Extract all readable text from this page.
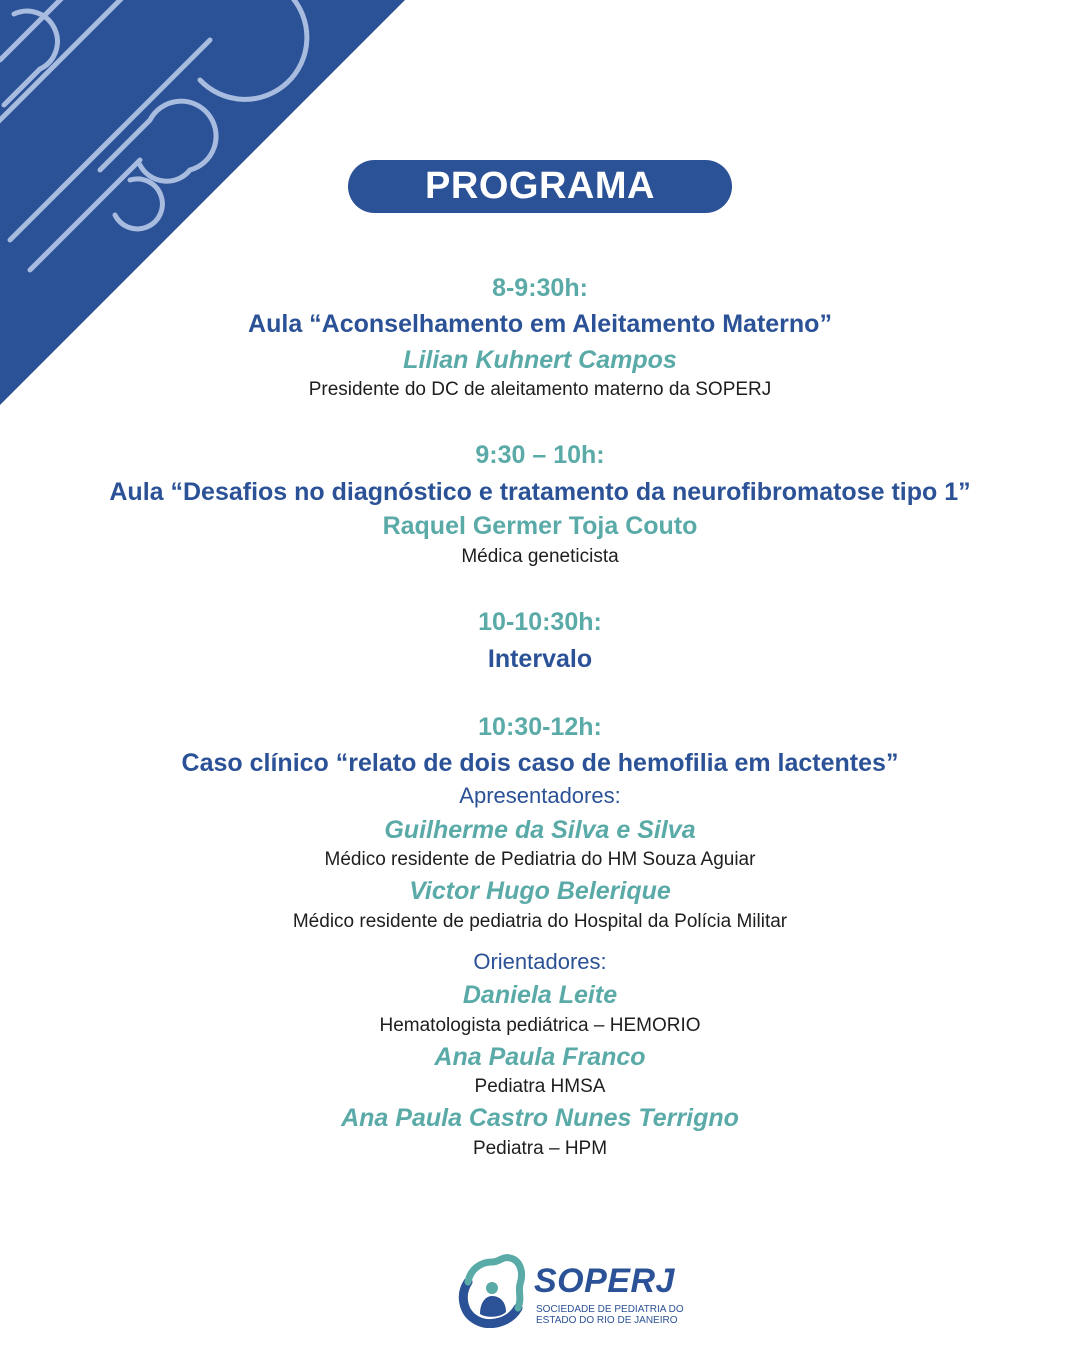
PROGRAMA
8-9:30h:
Aula “Aconselhamento em Aleitamento Materno”
Lilian Kuhnert Campos
Presidente do DC de aleitamento materno da SOPERJ
9:30 – 10h:
Aula “Desafios no diagnóstico e tratamento da neurofibromatose tipo 1”
Raquel Germer Toja Couto
Médica geneticista
10-10:30h:
Intervalo
10:30-12h:
Caso clínico “relato de dois caso de hemofilia em lactentes”
Apresentadores:
Guilherme da Silva e Silva
Médico residente de Pediatria do HM Souza Aguiar
Victor Hugo Belerique
Médico residente de pediatria do Hospital da Polícia Militar
Orientadores:
Daniela Leite
Hematologista pediátrica – HEMORIO
Ana Paula Franco
Pediatra HMSA
Ana Paula Castro Nunes Terrigno
Pediatra – HPM
SOPERJ
SOCIEDADE DE PEDIATRIA DO
ESTADO DO RIO DE JANEIRO
